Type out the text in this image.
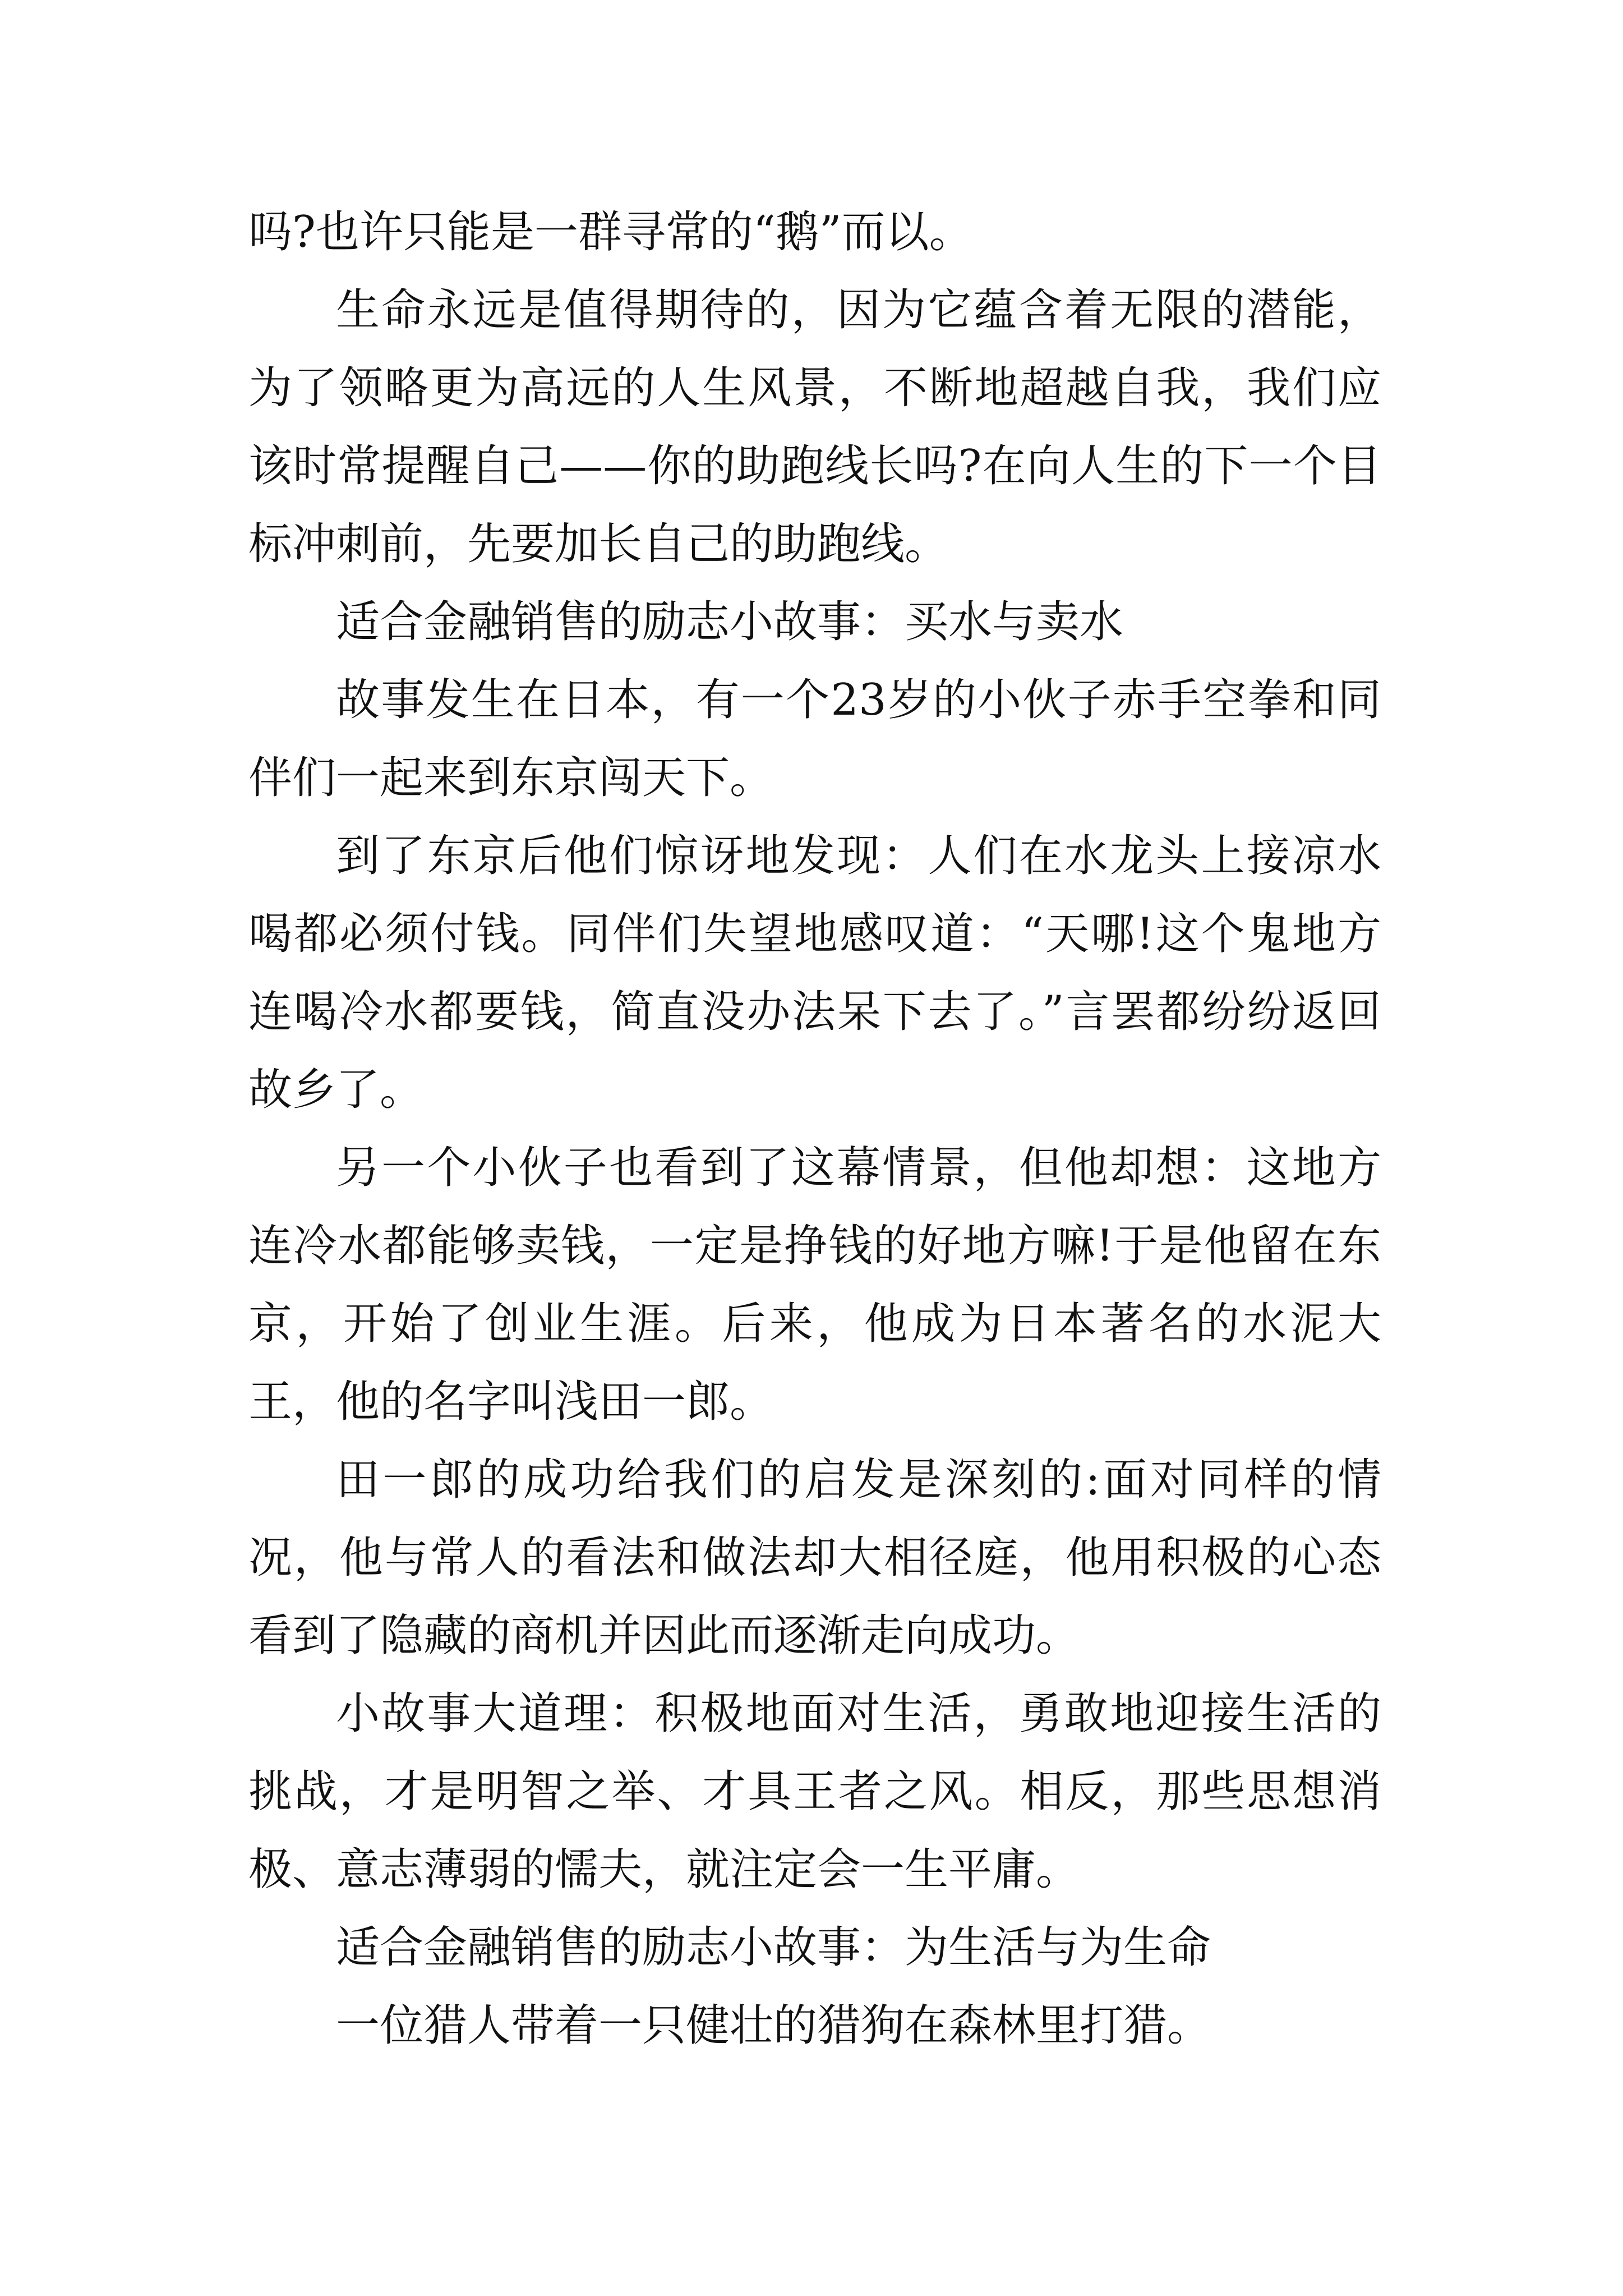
吗?也许只能是一群寻常的“鹅”而以。

生命永远是值得期待的，因为它蕴含着无限的潜能，为了领略更为高远的人生风景，不断地超越自我，我们应该时常提醒自己——你的助跑线长吗?在向人生的下一个目标冲刺前，先要加长自己的助跑线。

适合金融销售的励志小故事：买水与卖水

故事发生在日本，有一个23岁的小伙子赤手空拳和同伴们一起来到东京闯天下。

到了东京后他们惊讶地发现：人们在水龙头上接凉水喝都必须付钱。同伴们失望地感叹道：“天哪!这个鬼地方连喝冷水都要钱，简直没办法呆下去了。”言罢都纷纷返回故乡了。

另一个小伙子也看到了这幕情景，但他却想：这地方连冷水都能够卖钱，一定是挣钱的好地方嘛!于是他留在东京，开始了创业生涯。后来，他成为日本著名的水泥大王，他的名字叫浅田一郎。

田一郎的成功给我们的启发是深刻的:面对同样的情况，他与常人的看法和做法却大相径庭，他用积极的心态看到了隐藏的商机并因此而逐渐走向成功。

小故事大道理：积极地面对生活，勇敢地迎接生活的挑战，才是明智之举、才具王者之风。相反，那些思想消极、意志薄弱的懦夫，就注定会一生平庸。

适合金融销售的励志小故事：为生活与为生命

一位猎人带着一只健壮的猎狗在森林里打猎。
